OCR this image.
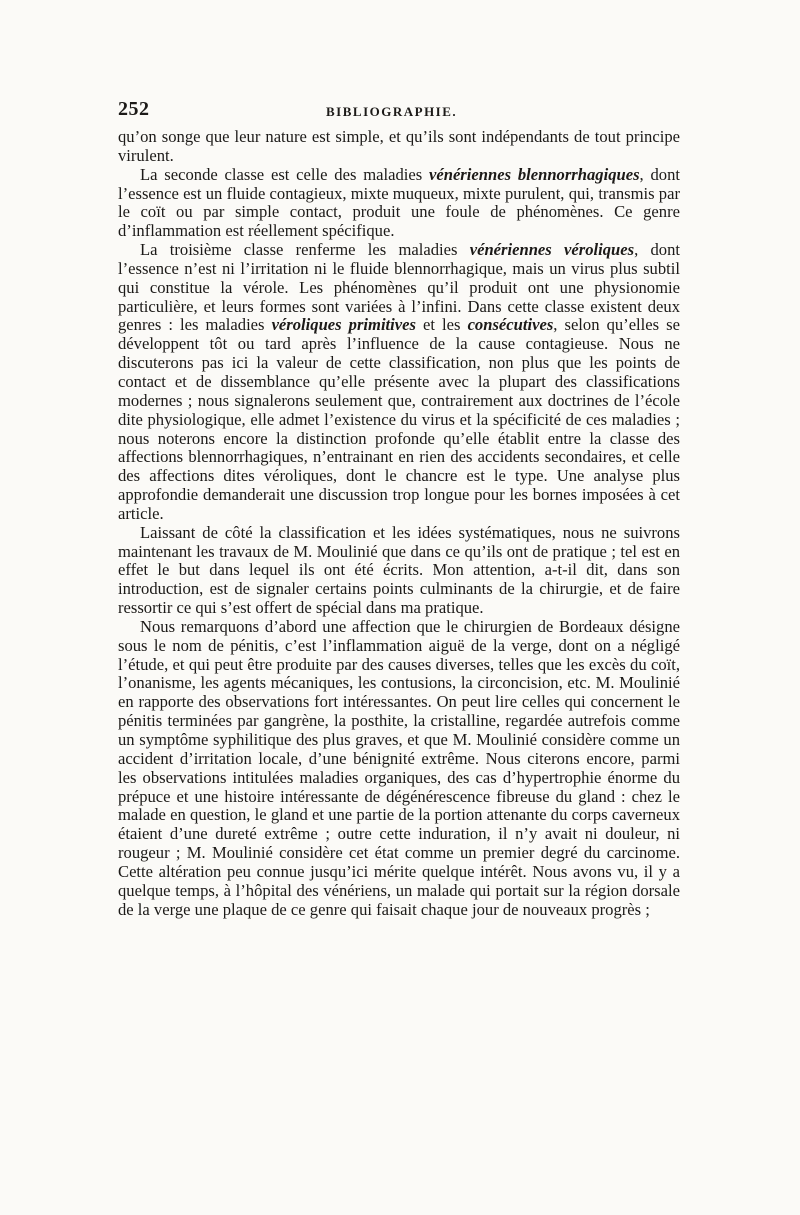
252	BIBLIOGRAPHIE.

qu’on songe que leur nature est simple, et qu’ils sont indépendants de tout principe virulent.

La seconde classe est celle des maladies vénériennes blennorrhagiques, dont l’essence est un fluide contagieux, mixte muqueux, mixte purulent, qui, transmis par le coït ou par simple contact, produit une foule de phénomènes. Ce genre d’inflammation est réellement spécifique.

La troisième classe renferme les maladies vénériennes véroliques, dont l’essence n’est ni l’irritation ni le fluide blennorrhagique, mais un virus plus subtil qui constitue la vérole. Les phénomènes qu’il produit ont une physionomie particulière, et leurs formes sont variées à l’infini. Dans cette classe existent deux genres : les maladies véroliques primitives et les consécutives, selon qu’elles se développent tôt ou tard après l’influence de la cause contagieuse. Nous ne discuterons pas ici la valeur de cette classification, non plus que les points de contact et de dissemblance qu’elle présente avec la plupart des classifications modernes ; nous signalerons seulement que, contrairement aux doctrines de l’école dite physiologique, elle admet l’existence du virus et la spécificité de ces maladies ; nous noterons encore la distinction profonde qu’elle établit entre la classe des affections blennorrhagiques, n’entrainant en rien des accidents secondaires, et celle des affections dites véroliques, dont le chancre est le type. Une analyse plus approfondie demanderait une discussion trop longue pour les bornes imposées à cet article.

Laissant de côté la classification et les idées systématiques, nous ne suivrons maintenant les travaux de M. Moulinié que dans ce qu’ils ont de pratique ; tel est en effet le but dans lequel ils ont été écrits. Mon attention, a-t-il dit, dans son introduction, est de signaler certains points culminants de la chirurgie, et de faire ressortir ce qui s’est offert de spécial dans ma pratique.

Nous remarquons d’abord une affection que le chirurgien de Bordeaux désigne sous le nom de pénitis, c’est l’inflammation aiguë de la verge, dont on a négligé l’étude, et qui peut être produite par des causes diverses, telles que les excès du coït, l’onanisme, les agents mécaniques, les contusions, la circoncision, etc. M. Moulinié en rapporte des observations fort intéressantes. On peut lire celles qui concernent le pénitis terminées par gangrène, la posthite, la cristalline, regardée autrefois comme un symptôme syphilitique des plus graves, et que M. Moulinié considère comme un accident d’irritation locale, d’une bénignité extrême. Nous citerons encore, parmi les observations intitulées maladies organiques, des cas d’hypertrophie énorme du prépuce et une histoire intéressante de dégénérescence fibreuse du gland : chez le malade en question, le gland et une partie de la portion attenante du corps caverneux étaient d’une dureté extrême ; outre cette induration, il n’y avait ni douleur, ni rougeur ; M. Moulinié considère cet état comme un premier degré du carcinome. Cette altération peu connue jusqu’ici mérite quelque intérêt. Nous avons vu, il y a quelque temps, à l’hôpital des vénériens, un malade qui portait sur la région dorsale de la verge une plaque de ce genre qui faisait chaque jour de nouveaux progrès ;
